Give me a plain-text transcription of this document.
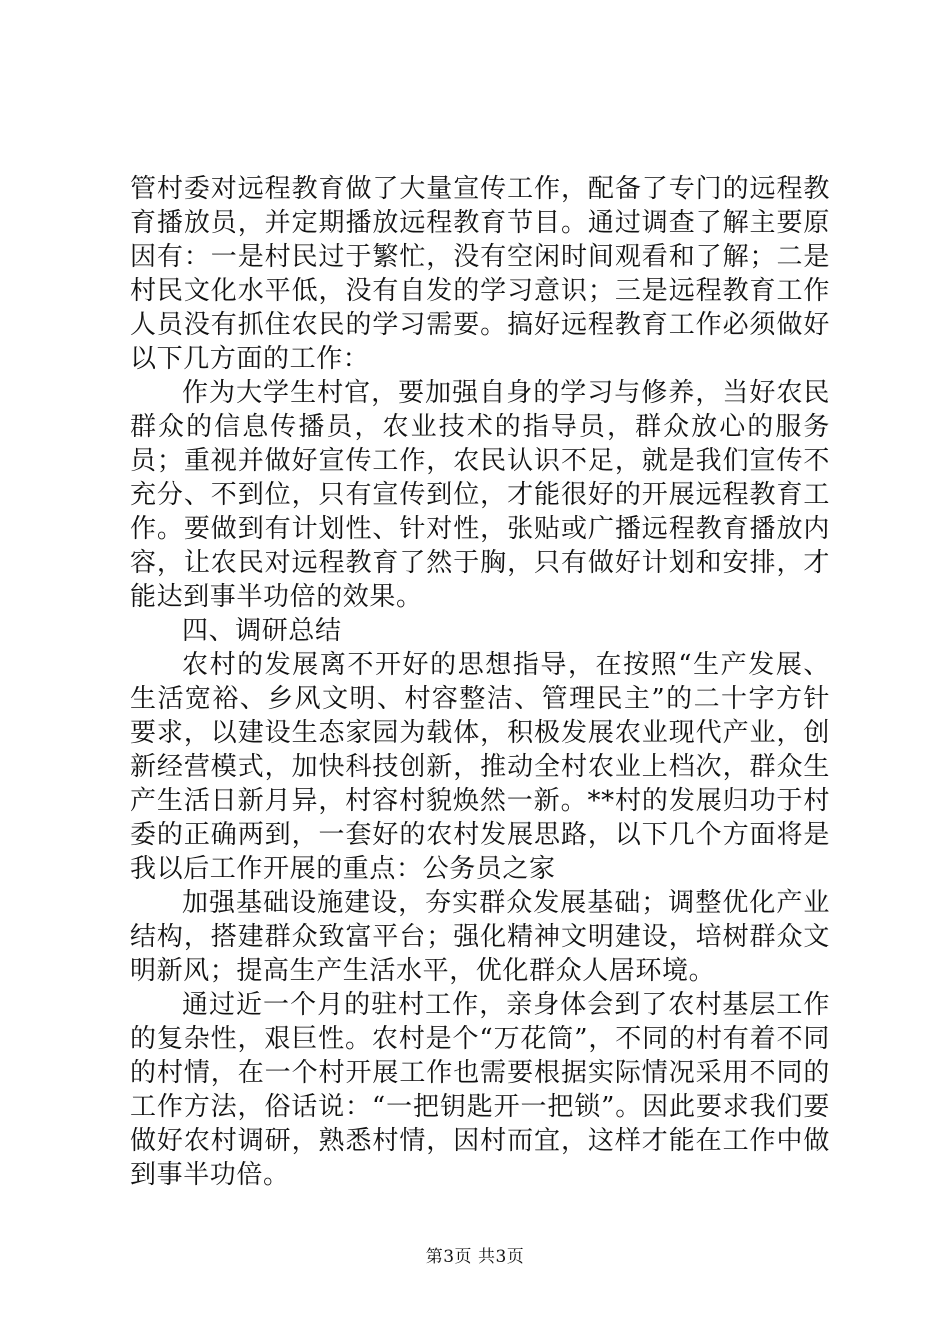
管村委对远程教育做了大量宣传工作，配备了专门的远程教育播放员，并定期播放远程教育节目。通过调查了解主要原因有：一是村民过于繁忙，没有空闲时间观看和了解；二是村民文化水平低，没有自发的学习意识；三是远程教育工作人员没有抓住农民的学习需要。搞好远程教育工作必须做好以下几方面的工作：

作为大学生村官，要加强自身的学习与修养，当好农民群众的信息传播员，农业技术的指导员，群众放心的服务员；重视并做好宣传工作，农民认识不足，就是我们宣传不充分、不到位，只有宣传到位，才能很好的开展远程教育工作。要做到有计划性、针对性，张贴或广播远程教育播放内容，让农民对远程教育了然于胸，只有做好计划和安排，才能达到事半功倍的效果。

四、调研总结

农村的发展离不开好的思想指导，在按照“生产发展、生活宽裕、乡风文明、村容整洁、管理民主”的二十字方针要求，以建设生态家园为载体，积极发展农业现代产业，创新经营模式，加快科技创新，推动全村农业上档次，群众生产生活日新月异，村容村貌焕然一新。**村的发展归功于村委的正确两到，一套好的农村发展思路，以下几个方面将是我以后工作开展的重点：公务员之家

加强基础设施建设，夯实群众发展基础；调整优化产业结构，搭建群众致富平台；强化精神文明建设，培树群众文明新风；提高生产生活水平，优化群众人居环境。

通过近一个月的驻村工作，亲身体会到了农村基层工作的复杂性，艰巨性。农村是个“万花筒”，不同的村有着不同的村情，在一个村开展工作也需要根据实际情况采用不同的工作方法，俗话说：“一把钥匙开一把锁”。因此要求我们要做好农村调研，熟悉村情，因村而宜，这样才能在工作中做到事半功倍。

第3页 共3页
